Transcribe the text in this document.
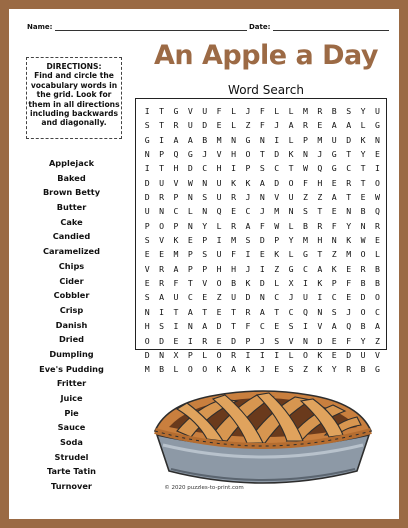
Name:	Date:
An Apple a Day
Word Search
DIRECTIONS:
Find and circle the vocabulary words in the grid. Look for them in all directions including backwards and diagonally.
Applejack
Baked
Brown Betty
Butter
Cake
Candied
Caramelized
Chips
Cider
Cobbler
Crisp
Danish
Dried
Dumpling
Eve's Pudding
Fritter
Juice
Pie
Sauce
Soda
Strudel
Tarte Tatin
Turnover
I	T	G	V	U	F	L	J	F	L	L	M	R	B	S	Y	U
S	T	R	U	D	E	L	Z	F	J	A	R	E	A	A	L	G
G	I	A	A	B	M	N	G	N	I	L	P	M	U	D	K	N
N	P	Q	G	J	V	H	O	T	D	K	N	J	G	T	Y	E
I	T	H	D	C	H	I	P	S	C	T	W	Q	G	C	T	I
D	U	V	W	N	U	K	K	A	D	O	F	H	E	R	T	O
D	R	P	N	S	U	R	J	N	V	U	Z	Z	A	T	E	W
U	N	C	L	N	Q	E	C	J	M	N	S	T	E	N	B	Q
P	O	P	N	Y	L	R	A	F	W	L	B	R	F	Y	N	R
S	V	K	E	P	I	M	S	D	P	Y	M	H	N	K	W	E
E	E	M	P	S	U	F	I	E	K	L	G	T	Z	M	O	L
V	R	A	P	P	H	H	J	I	Z	G	C	A	K	E	R	B
E	R	F	T	V	O	B	K	D	L	X	I	K	P	F	B	B
S	A	U	C	E	Z	U	D	N	C	J	U	I	C	E	D	O
N	I	T	A	T	E	T	R	A	T	C	Q	N	S	J	O	C
H	S	I	N	A	D	T	F	C	E	S	I	V	A	Q	B	A
O	D	E	I	R	E	D	P	J	S	V	N	D	E	F	Y	Z
D	N	X	P	L	O	R	I	I	I	L	O	K	E	D	U	V
M	B	L	O	O	K	A	K	J	E	S	Z	K	Y	R	B	G
© 2020 puzzles-to-print.com
